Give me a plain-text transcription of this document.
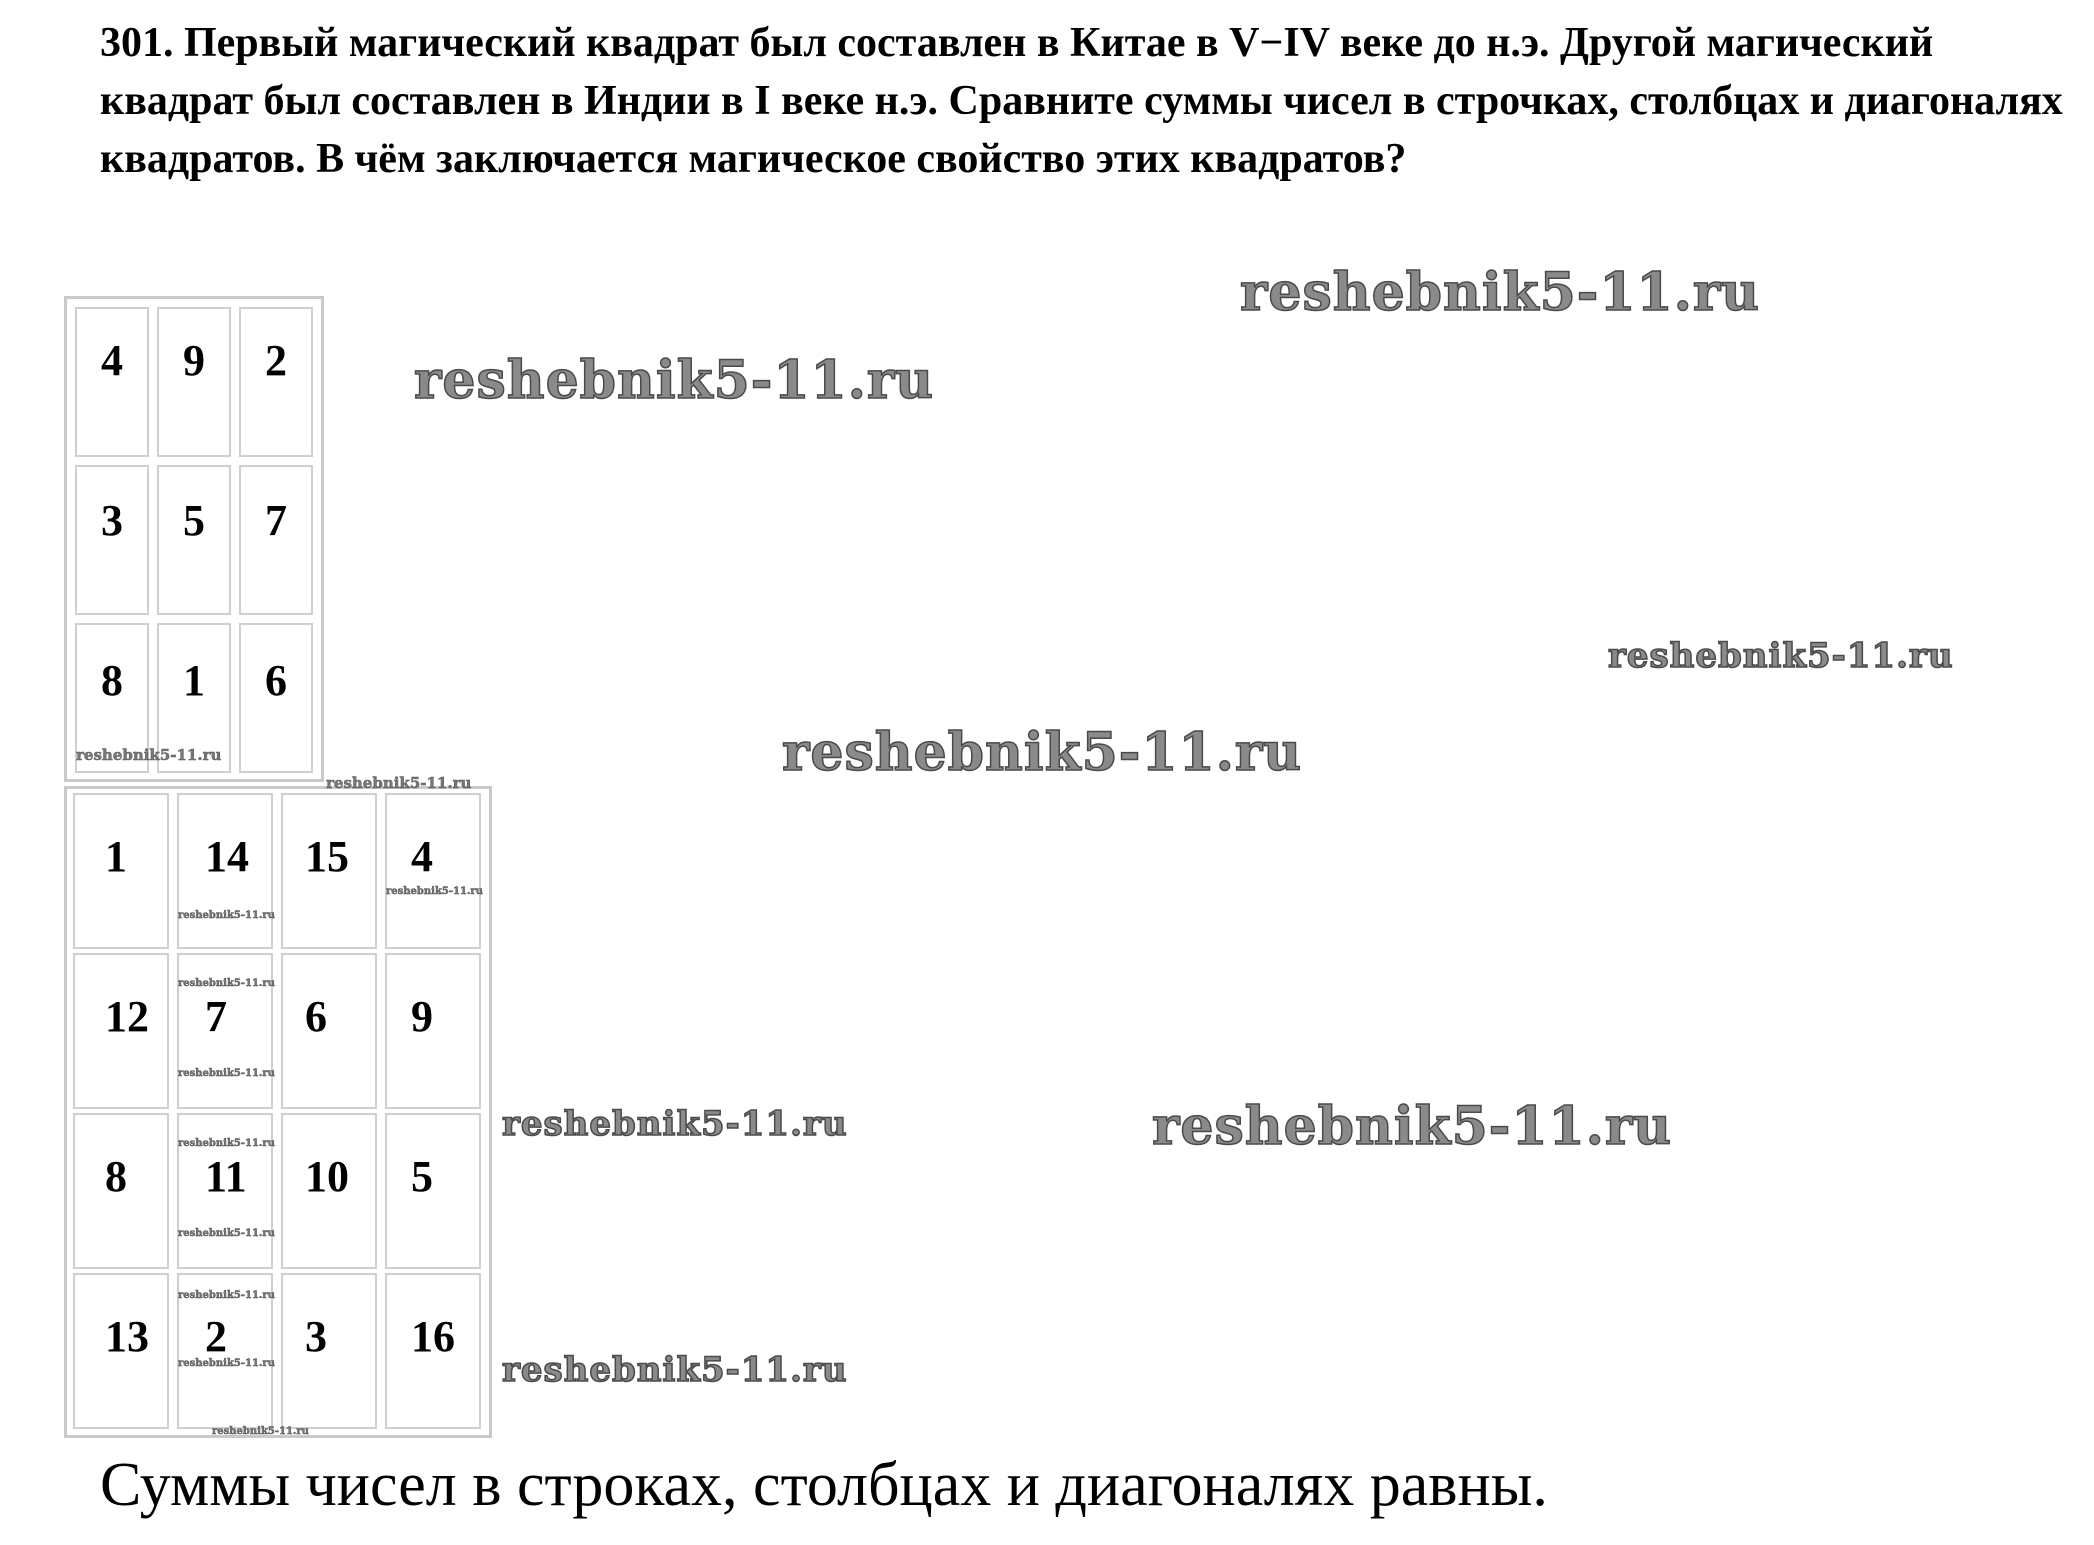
301. Первый магический квадрат был составлен в Китае в V−IV веке до н.э. Другой магический квадрат был составлен в Индии в I веке н.э. Сравните суммы чисел в строчках, столбцах и диагоналях квадратов. В чём заключается магическое свойство этих квадратов?

4 9 2
3 5 7
8 1 6
1 14 15 4
12 7 6 9
8 11 10 5
13 2 3 16
reshebnik5-11.ru
reshebnik5-11.ru
reshebnik5-11.ru
reshebnik5-11.ru
reshebnik5-11.ru	reshebnik5-11.ru
reshebnik5-11.ru
reshebnik5-11.ru
reshebnik5-11.ru
reshebnik5-11.ru
reshebnik5-11.ru
reshebnik5-11.ru
reshebnik5-11.ru
reshebnik5-11.ru
reshebnik5-11.ru
reshebnik5-11.ru
reshebnik5-11.ru
reshebnik5-11.ru

Суммы чисел в строках, столбцах и диагоналях равны.
